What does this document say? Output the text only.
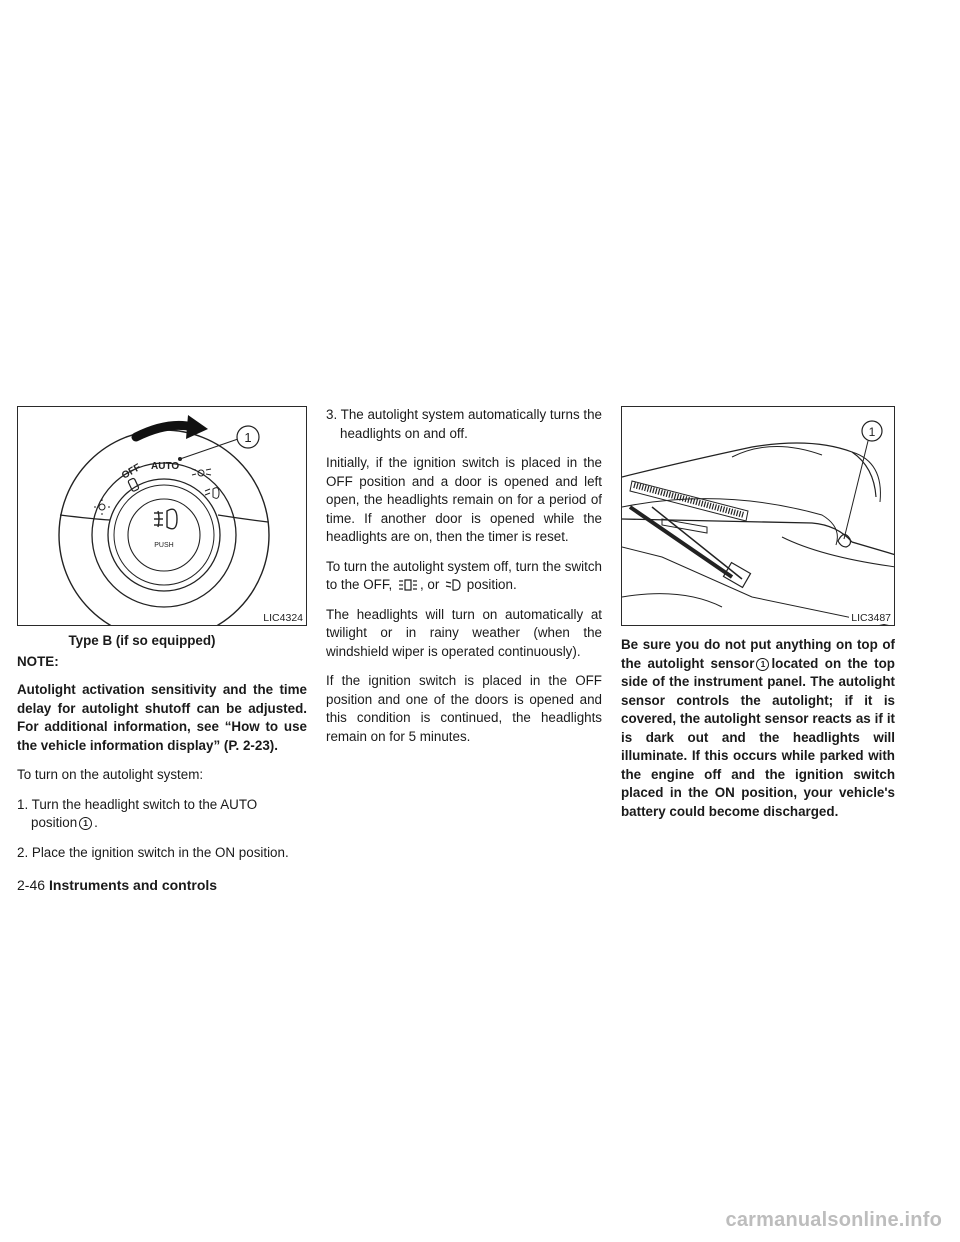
1
OFF AUTO
PUSH
LIC4324
Type B (if so equipped)
NOTE:

Autolight activation sensitivity and the time delay for autolight shutoff can be adjusted. For additional information, see “How to use the vehicle information display” (P. 2-23).

To turn on the autolight system:

1. Turn the headlight switch to the AUTO position 1 .

2. Place the ignition switch in the ON position.

3. The autolight system automatically turns the headlights on and off.

Initially, if the ignition switch is placed in the OFF position and a door is opened and left open, the headlights remain on for a period of time. If another door is opened while the headlights are on, then the timer is reset.

To turn the autolight system off, turn the switch to the OFF, , or position.

The headlights will turn on automatically at twilight or in rainy weather (when the windshield wiper is operated continuously).

If the ignition switch is placed in the OFF position and one of the doors is opened and this condition is continued, the headlights remain on for 5 minutes.

1
LIC3487

Be sure you do not put anything on top of the autolight sensor 1 located on the top side of the instrument panel. The autolight sensor controls the autolight; if it is covered, the autolight sensor reacts as if it is dark out and the headlights will illuminate. If this occurs while parked with the engine off and the ignition switch placed in the ON position, your vehicle's battery could become discharged.

2-46 Instruments and controls
carmanualsonline.info
